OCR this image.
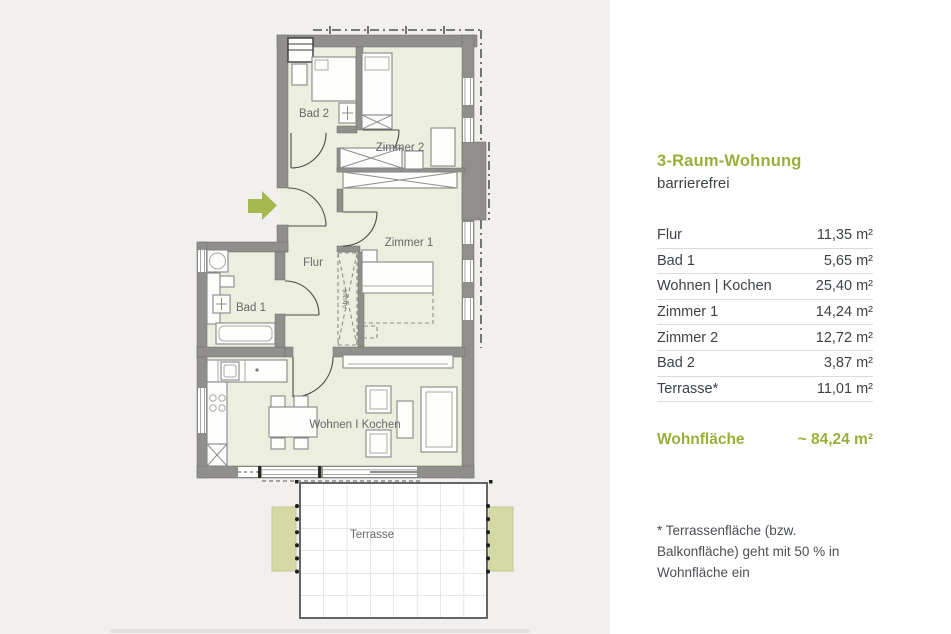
Bad 2
Zimmer 2
Zimmer 1
Flur
Bad 1
Wohnen I Kochen
Terrasse
Abstell
3-Raum-Wohnung
barrierefrei
Flur	11,35 m²
Bad 1	5,65 m²
Wohnen | Kochen	25,40 m²
Zimmer 1	14,24 m²
Zimmer 2	12,72 m²
Bad 2	3,87 m²
Terrasse*	11,01 m²
Wohnfläche	~ 84,24 m²
* Terrassenfläche (bzw. Balkonfläche) geht mit 50 % in Wohnfläche ein
